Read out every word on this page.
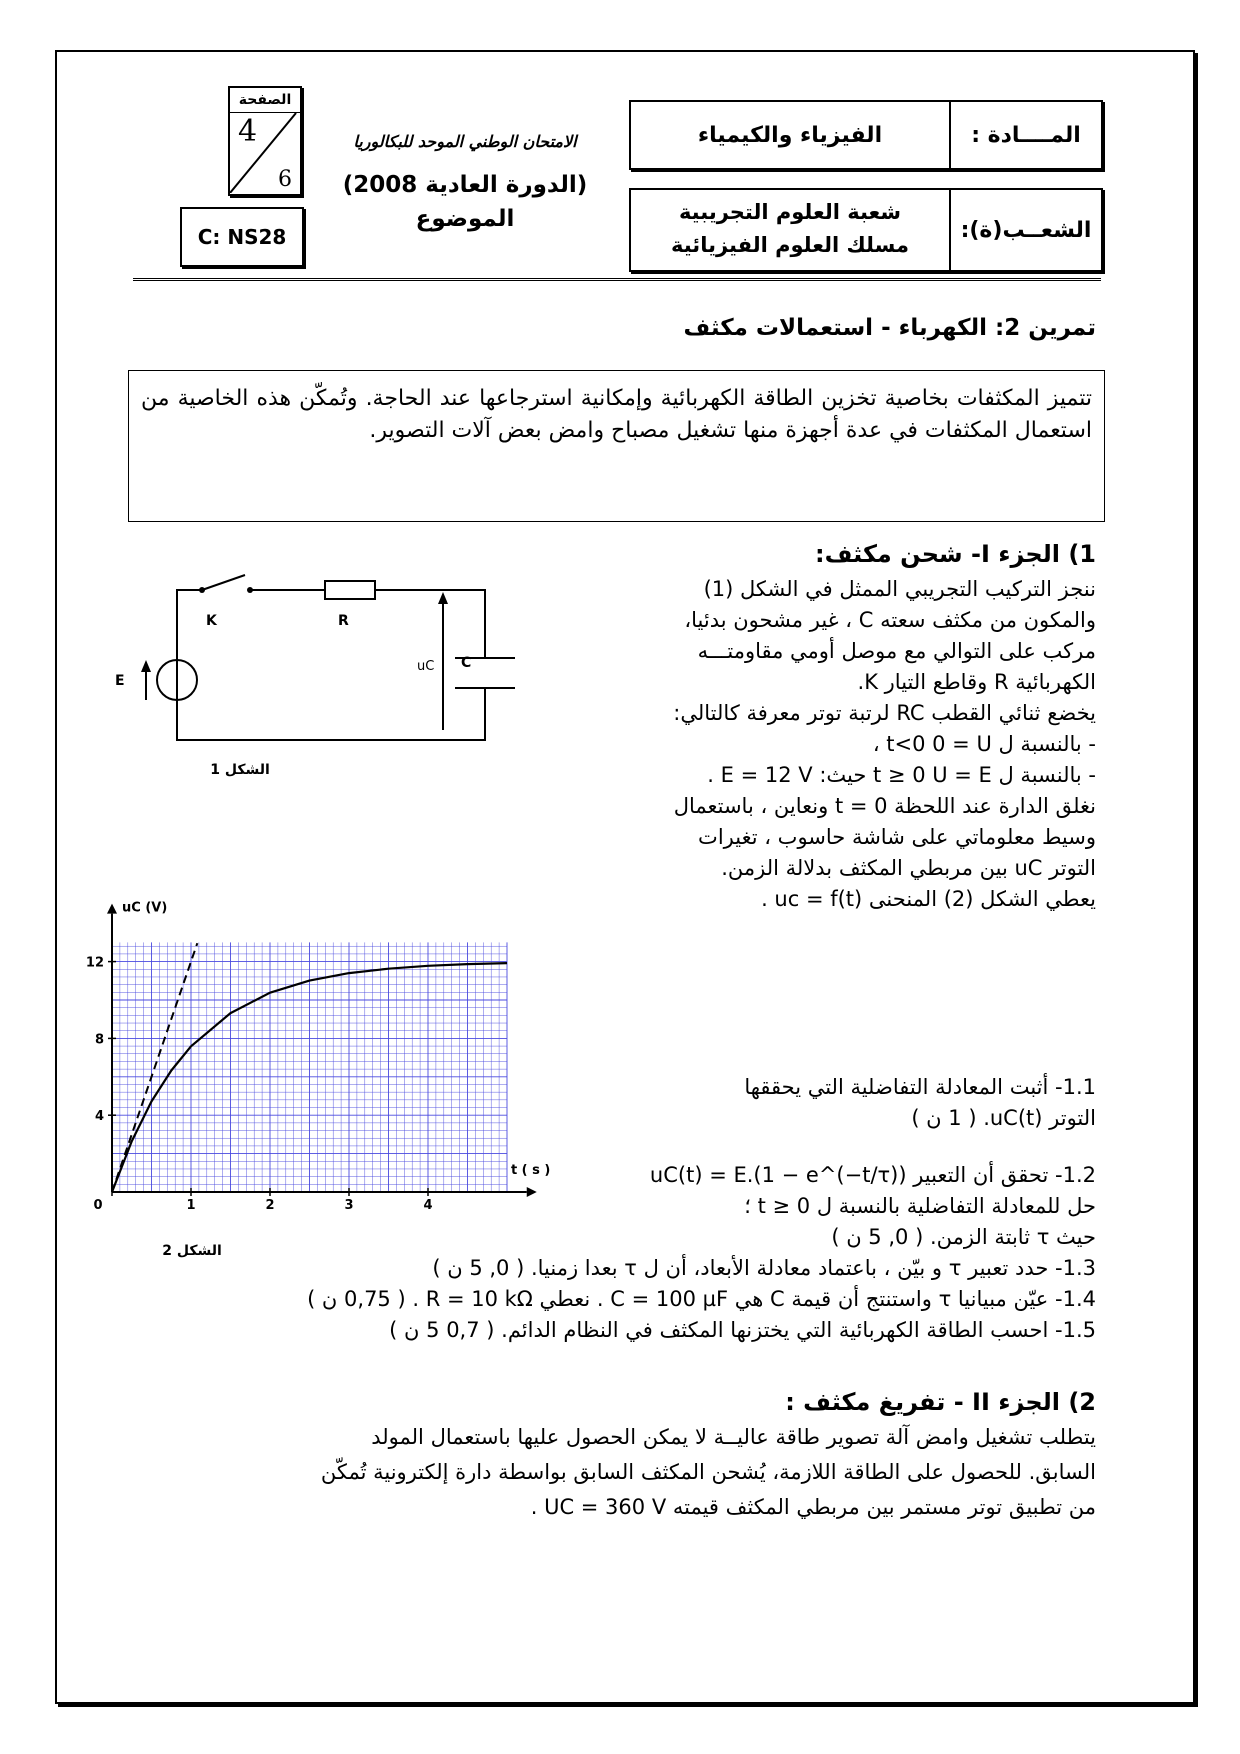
الصفحة
4
6
C: NS28
الامتحان الوطني الموحد للبكالوريا
(الدورة العادية 2008)
الموضوع
المــــادة :
الفيزياء والكيمياء
الشعــب(ة):
شعبة العلوم التجريبية
مسلك العلوم الفيزيائية
تمرين 2: الكهرباء - استعمالات مكثف

تتميز المكثفات بخاصية تخزين الطاقة الكهربائية وإمكانية استرجاعها عند الحاجة. وتُمكّن هذه الخاصية من استعمال المكثفات في عدة أجهزة منها تشغيل مصباح وامض بعض آلات التصوير.

1) الجزء I- شحن مكثف:
ننجز التركيب التجريبي الممثل في الشكل (1)
والمكون من مكثف سعته C ، غير مشحون بدئيا،
مركب على التوالي مع موصل أومي مقاومتـــه
الكهربائية R وقاطع التيار K.
يخضع ثنائي القطب RC لرتبة توتر معرفة كالتالي:
- بالنسبة ل t<0 0 = U ،
- بالنسبة ل t ≥ 0 U = E حيث: E = 12 V .
نغلق الدارة عند اللحظة t = 0 ونعاين ، باستعمال
وسيط معلوماتي على شاشة حاسوب ، تغيرات
التوتر uC بين مربطي المكثف بدلالة الزمن.
يعطي الشكل (2) المنحنى uc = f(t) .
1.1- أثبت المعادلة التفاضلية التي يحققها
التوتر uC(t). ( 1 ن )
1.2- تحقق أن التعبير uC(t) = E.(1 − e^(−t/τ))
حل للمعادلة التفاضلية بالنسبة ل t ≥ 0 ؛
حيث τ ثابتة الزمن. ( 0, 5 ن )
1.3- حدد تعبير τ و بيّن ، باعتماد معادلة الأبعاد، أن ل τ بعدا زمنيا. ( 0, 5 ن )
1.4- عيّن مبيانيا τ واستنتج أن قيمة C هي C = 100 µF . نعطي R = 10 kΩ . ( 0,75 ن )
1.5- احسب الطاقة الكهربائية التي يختزنها المكثف في النظام الدائم. ( 0,7 5 ن )
2) الجزء II - تفريغ مكثف :
يتطلب تشغيل وامض آلة تصوير طاقة عاليــة لا يمكن الحصول عليها باستعمال المولد
السابق. للحصول على الطاقة اللازمة، يُشحن المكثف السابق بواسطة دارة إلكترونية تُمكّن
من تطبيق توتر مستمر بين مربطي المكثف قيمته UC = 360 V .
K	R
E
C
uC
الشكل 1
0	1	2	3	4
4
8
12
t ( s )
uC (V)
الشكل 2
